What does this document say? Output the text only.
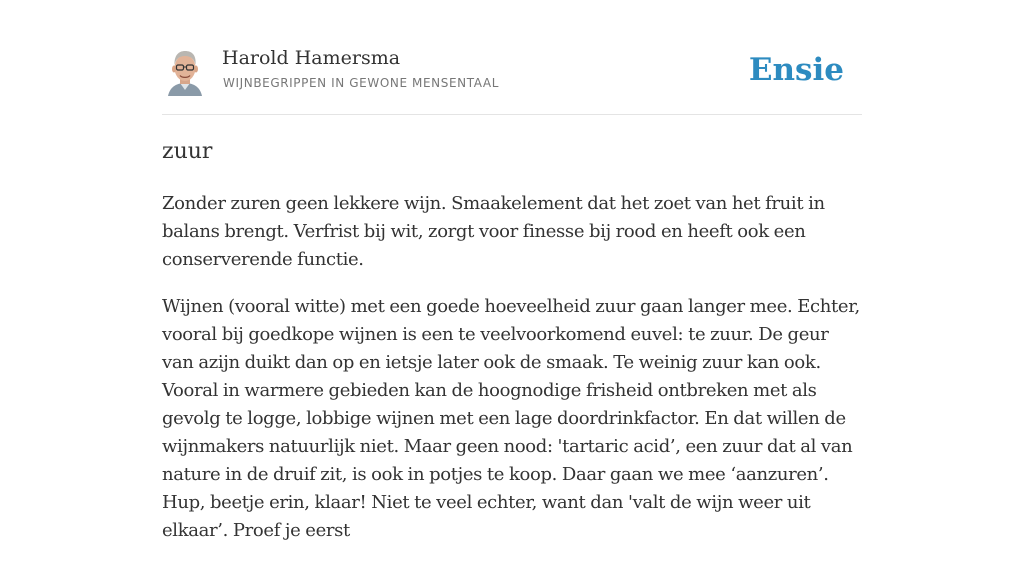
Harold Hamersma
WIJNBEGRIPPEN IN GEWONE MENSENTAAL	Ensie
zuur

Zonder zuren geen lekkere wijn. Smaakelement dat het zoet van het fruit in balans brengt. Verfrist bij wit, zorgt voor finesse bij rood en heeft ook een conserverende functie.

Wijnen (vooral witte) met een goede hoeveelheid zuur gaan langer mee. Echter, vooral bij goedkope wijnen is een te veelvoorkomend euvel: te zuur. De geur van azijn duikt dan op en ietsje later ook de smaak. Te weinig zuur kan ook. Vooral in warmere gebieden kan de hoognodige frisheid ontbreken met als gevolg te logge, lobbige wijnen met een lage doordrinkfactor. En dat willen de wijnmakers natuurlijk niet. Maar geen nood: 'tartaric acid’, een zuur dat al van nature in de druif zit, is ook in potjes te koop. Daar gaan we mee ‘aanzuren’. Hup, beetje erin, klaar! Niet te veel echter, want dan 'valt de wijn weer uit elkaar’. Proef je eerst
